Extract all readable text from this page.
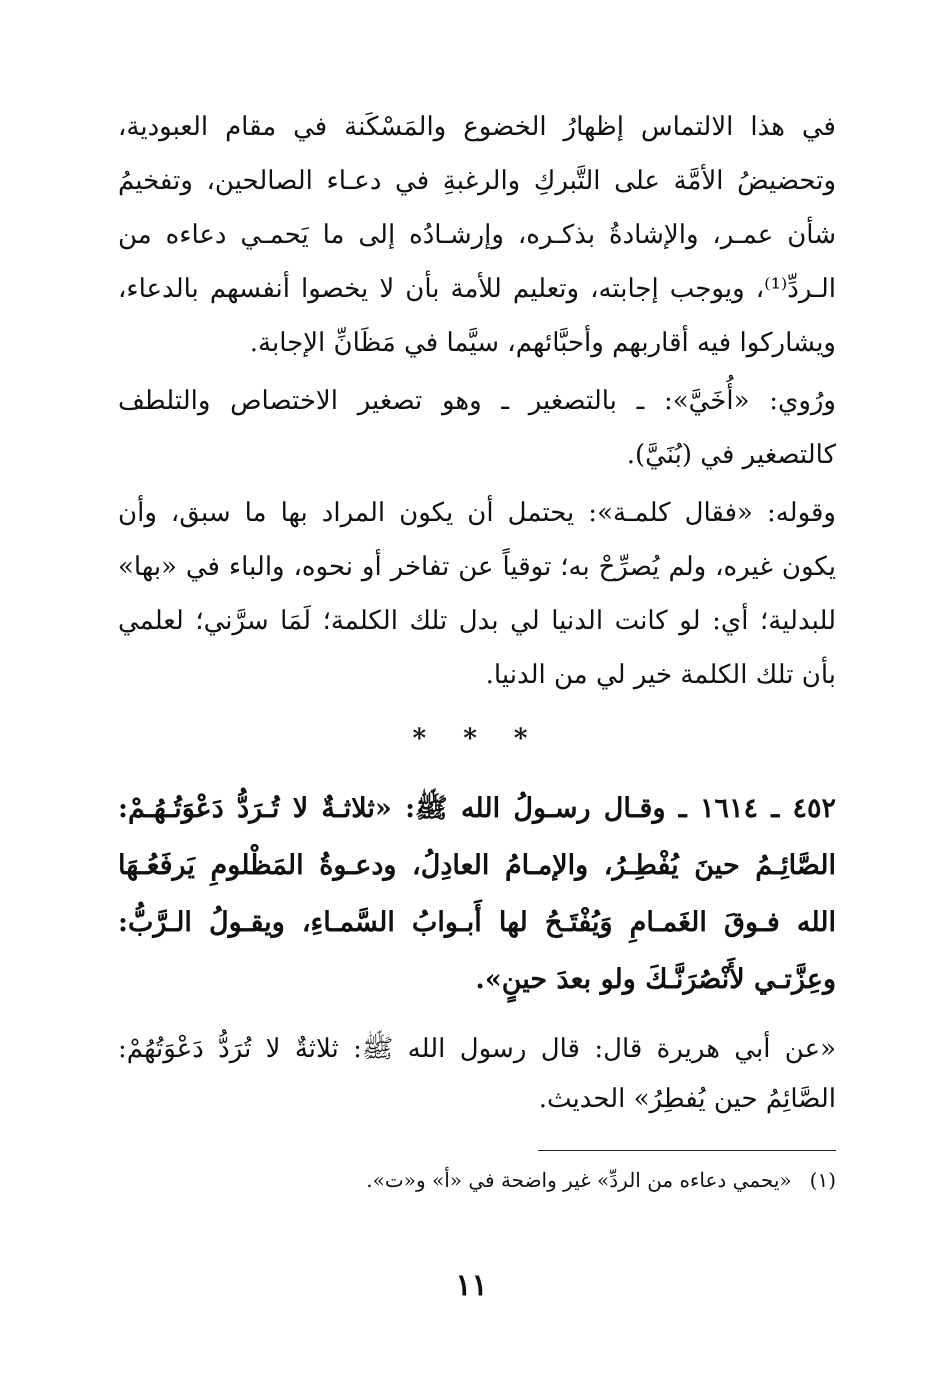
في هذا الالتماس إظهارُ الخضوع والمَسْكَنة في مقام العبودية، وتحضيضُ الأمَّة على التَّبركِ والرغبةِ في دعـاء الصالحين، وتفخيمُ شأن عمـر، والإشادةُ بذكـره، وإرشـادُه إلى ما يَحمـي دعاءه من الـردِّ⁽¹⁾، ويوجب إجابته، وتعليم للأمة بأن لا يخصوا أنفسهم بالدعاء، ويشاركوا فيه أقاربهم وأحبَّائهم، سيَّما في مَظَانِّ الإجابة.

ورُوي: «أُخَيَّ»: ـ بالتصغير ـ وهو تصغير الاختصاص والتلطف كالتصغير في (بُنَيَّ).

وقوله: «فقال كلمـة»: يحتمل أن يكون المراد بها ما سبق، وأن يكون غيره، ولم يُصرِّحْ به؛ توقياً عن تفاخر أو نحوه، والباء في «بها» للبدلية؛ أي: لو كانت الدنيا لي بدل تلك الكلمة؛ لَمَا سرَّني؛ لعلمي بأن تلك الكلمة خير لي من الدنيا.

* * *

٤٥٢ ـ ١٦١٤ ـ وقـال رسـولُ الله ﷺ: «ثلاثـةٌ لا تُـرَدُّ دَعْوَتُـهُـمْ: الصَّائِـمُ حينَ يُفْطِـرُ، والإمـامُ العادِلُ، ودعـوةُ المَظْلومِ يَرفَعُـهَا الله فـوقَ الغَمـامِ وَيُفْتَـحُ لها أَبـوابُ السَّمـاءِ، ويقـولُ الـرَّبُّ: وعِزَّتـي لأَنْصُرَنَّـكَ ولو بعدَ حينٍ».

«عن أبي هريرة قال: قال رسول الله ﷺ: ثلاثةٌ لا تُرَدُّ دَعْوَتُهُمْ: الصَّائِمُ حين يُفطِرُ» الحديث.

(١)«يحمي دعاءه من الردِّ» غير واضحة في «أ» و«ت».

١١
